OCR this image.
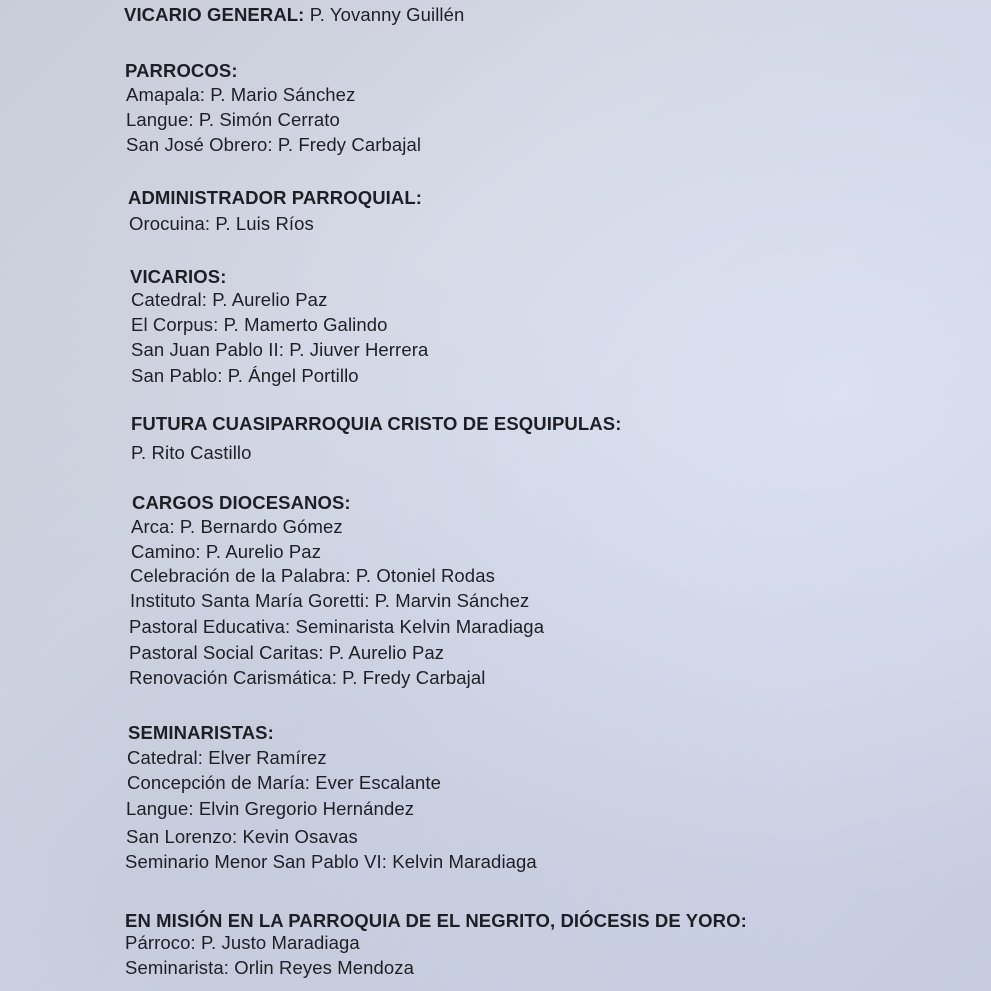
VICARIO GENERAL: P. Yovanny Guillén
PARROCOS:
Amapala: P. Mario Sánchez
Langue: P. Simón Cerrato
San José Obrero: P. Fredy Carbajal
ADMINISTRADOR PARROQUIAL:
Orocuina: P. Luis Ríos
VICARIOS:
Catedral: P. Aurelio Paz
El Corpus: P. Mamerto Galindo
San Juan Pablo II: P. Jiuver Herrera
San Pablo: P. Ángel Portillo
FUTURA CUASIPARROQUIA CRISTO DE ESQUIPULAS:
P. Rito Castillo
CARGOS DIOCESANOS:
Arca: P. Bernardo Gómez
Camino: P. Aurelio Paz
Celebración de la Palabra: P. Otoniel Rodas
Instituto Santa María Goretti: P. Marvin Sánchez
Pastoral Educativa: Seminarista Kelvin Maradiaga
Pastoral Social Caritas: P. Aurelio Paz
Renovación Carismática: P. Fredy Carbajal
SEMINARISTAS:
Catedral: Elver Ramírez
Concepción de María: Ever Escalante
Langue: Elvin Gregorio Hernández
San Lorenzo: Kevin Osavas
Seminario Menor San Pablo VI: Kelvin Maradiaga
EN MISIÓN EN LA PARROQUIA DE EL NEGRITO, DIÓCESIS DE YORO:
Párroco: P. Justo Maradiaga
Seminarista: Orlin Reyes Mendoza
